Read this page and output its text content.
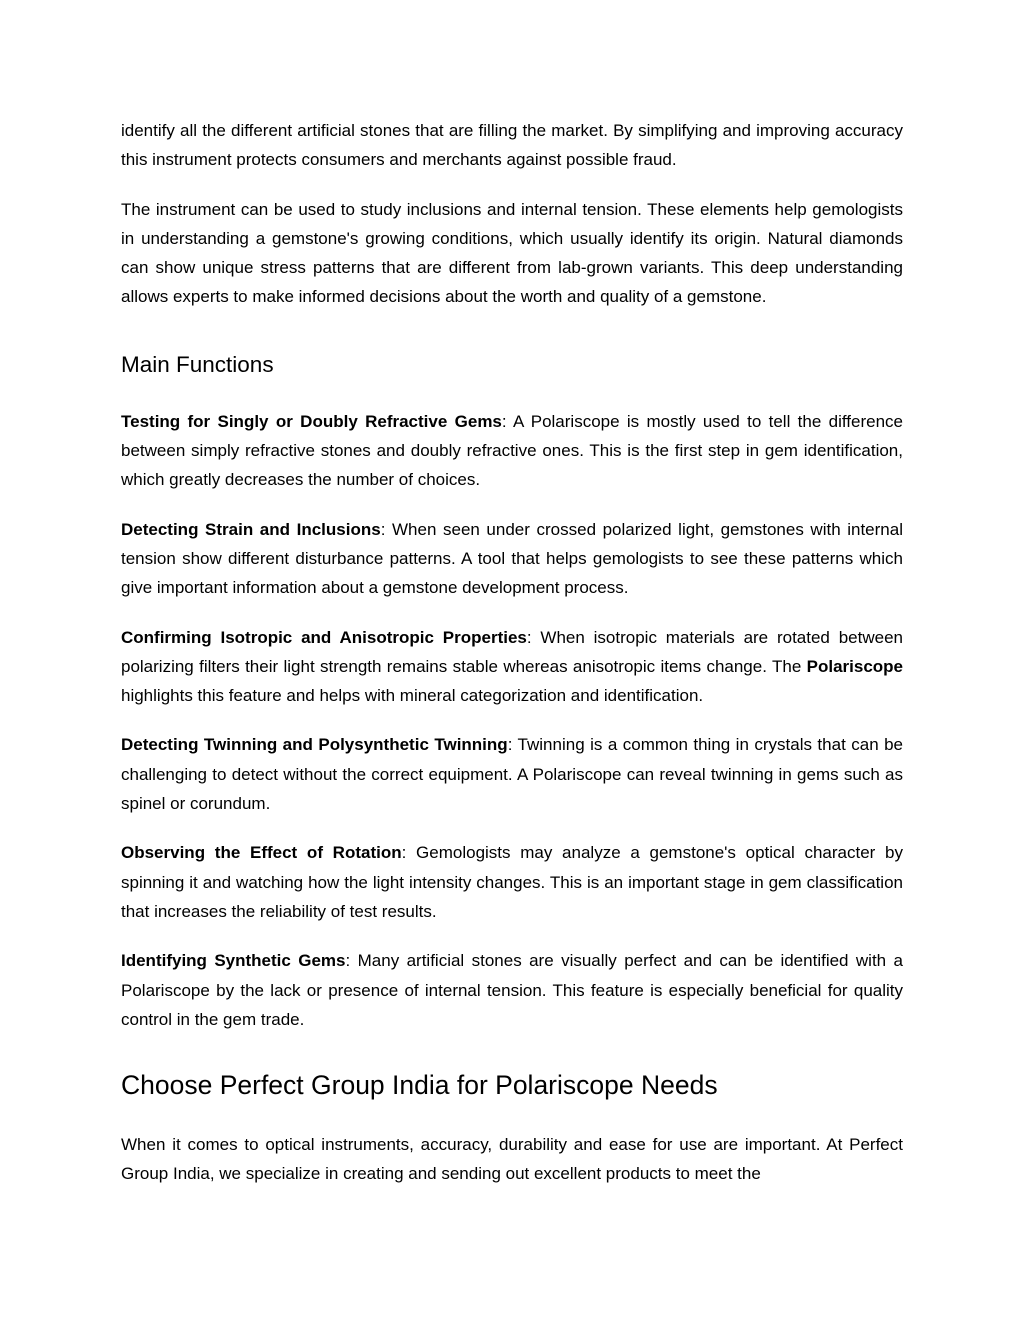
identify all the different artificial stones that are filling the market. By simplifying and improving accuracy this instrument protects consumers and merchants against possible fraud.

The instrument can be used to study inclusions and internal tension. These elements help gemologists in understanding a gemstone's growing conditions, which usually identify its origin. Natural diamonds can show unique stress patterns that are different from lab-grown variants. This deep understanding allows experts to make informed decisions about the worth and quality of a gemstone.

Main Functions

Testing for Singly or Doubly Refractive Gems: A Polariscope is mostly used to tell the difference between simply refractive stones and doubly refractive ones. This is the first step in gem identification, which greatly decreases the number of choices.

Detecting Strain and Inclusions: When seen under crossed polarized light, gemstones with internal tension show different disturbance patterns. A tool that helps gemologists to see these patterns which give important information about a gemstone development process.

Confirming Isotropic and Anisotropic Properties: When isotropic materials are rotated between polarizing filters their light strength remains stable whereas anisotropic items change. The Polariscope highlights this feature and helps with mineral categorization and identification.

Detecting Twinning and Polysynthetic Twinning: Twinning is a common thing in crystals that can be challenging to detect without the correct equipment. A Polariscope can reveal twinning in gems such as spinel or corundum.

Observing the Effect of Rotation: Gemologists may analyze a gemstone's optical character by spinning it and watching how the light intensity changes. This is an important stage in gem classification that increases the reliability of test results.

Identifying Synthetic Gems: Many artificial stones are visually perfect and can be identified with a Polariscope by the lack or presence of internal tension. This feature is especially beneficial for quality control in the gem trade.

Choose Perfect Group India for Polariscope Needs

When it comes to optical instruments, accuracy, durability and ease for use are important. At Perfect Group India, we specialize in creating and sending out excellent products to meet the
